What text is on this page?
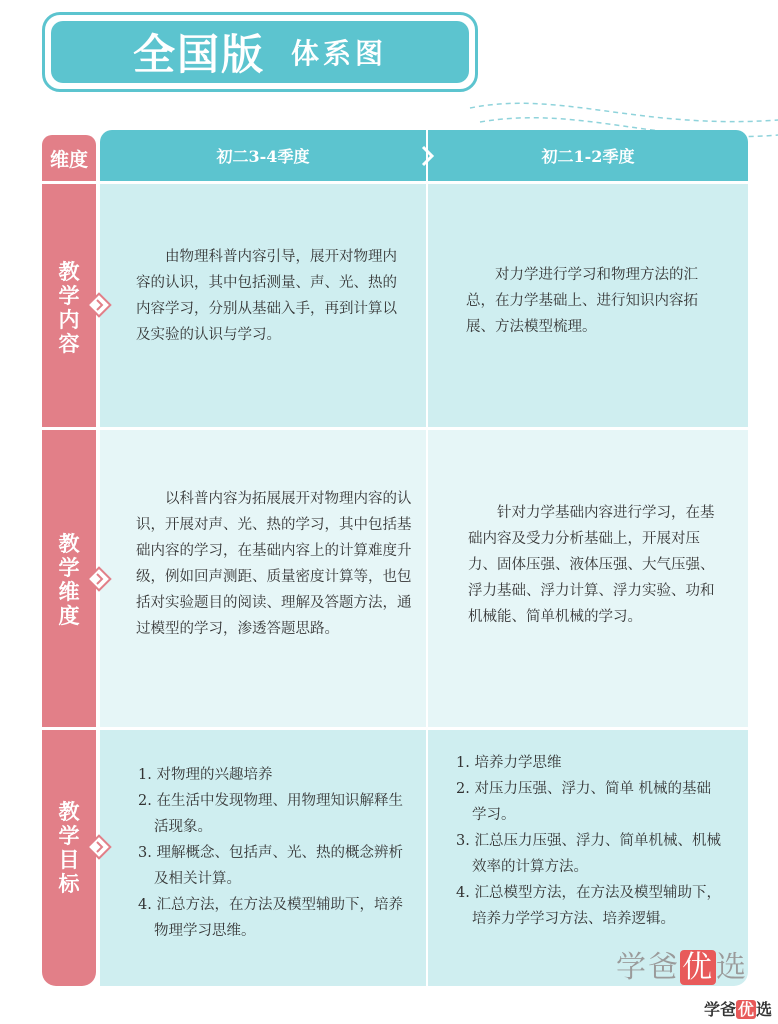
全国版 体系图
维度	初二3-4季度	初二1-2季度
教学内容
教学维度
教学目标

由物理科普内容引导，展开对物理内容的认识，其中包括测量、声、光、热的内容学习，分别从基础入手，再到计算以及实验的认识与学习。

对力学进行学习和物理方法的汇总，在力学基础上、进行知识内容拓展、方法模型梳理。

以科普内容为拓展展开对物理内容的认识，开展对声、光、热的学习，其中包括基础内容的学习，在基础内容上的计算难度升级，例如回声测距、质量密度计算等，也包括对实验题目的阅读、理解及答题方法，通过模型的学习，渗透答题思路。

针对力学基础内容进行学习，在基础内容及受力分析基础上，开展对压力、固体压强、液体压强、大气压强、浮力基础、浮力计算、浮力实验、功和机械能、简单机械的学习。

1. 对物理的兴趣培养
2. 在生活中发现物理、用物理知识解释生活现象。
3. 理解概念、包括声、光、热的概念辨析及相关计算。
4. 汇总方法，在方法及模型辅助下，培养物理学习思维。
1. 培养力学思维
2. 对压力压强、浮力、简单 机械的基础学习。
3. 汇总压力压强、浮力、简单机械、机械效率的计算方法。
4. 汇总模型方法，在方法及模型辅助下，培养力学学习方法、培养逻辑。
学爸优选
学爸 优 选
